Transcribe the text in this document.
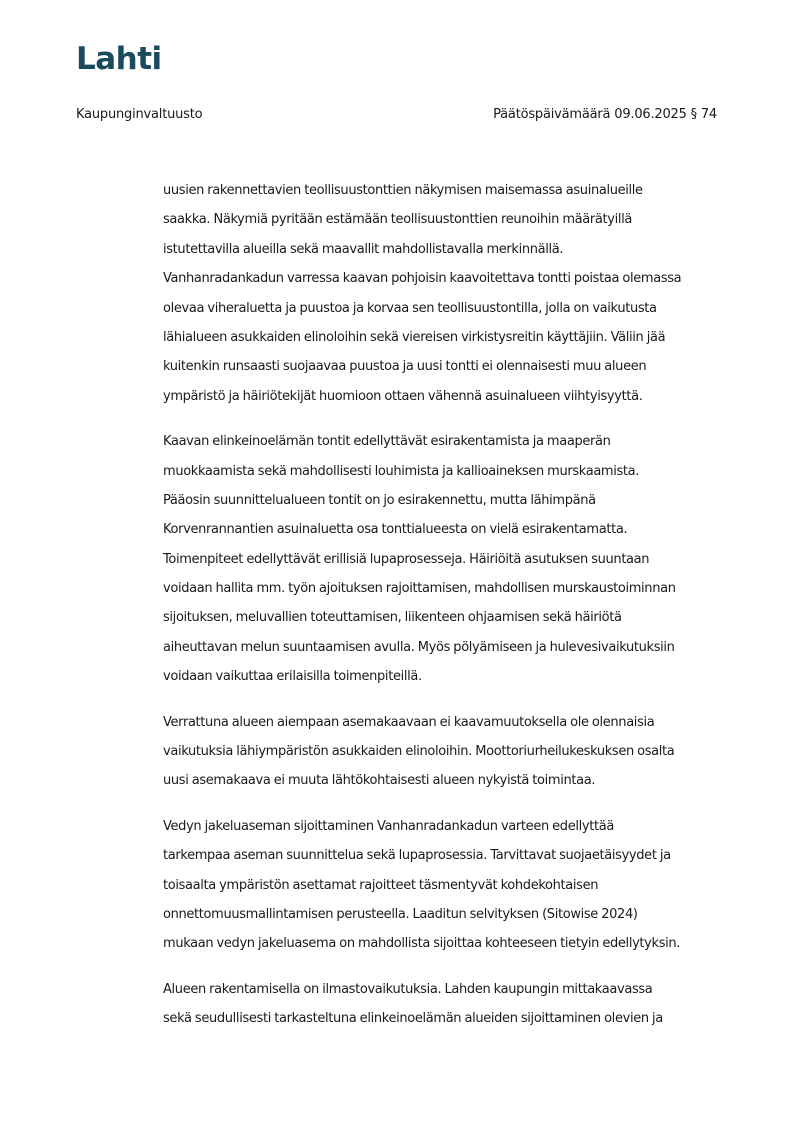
Lahti
Kaupunginvaltuusto	Päätöspäivämäärä 09.06.2025 § 74
uusien rakennettavien teollisuustonttien näkymisen maisemassa asuinalueille
saakka. Näkymiä pyritään estämään teollisuustonttien reunoihin määrätyillä
istutettavilla alueilla sekä maavallit mahdollistavalla merkinnällä.
Vanhanradankadun varressa kaavan pohjoisin kaavoitettava tontti poistaa olemassa
olevaa viheraluetta ja puustoa ja korvaa sen teollisuustontilla, jolla on vaikutusta
lähialueen asukkaiden elinoloihin sekä viereisen virkistysreitin käyttäjiin. Väliin jää
kuitenkin runsaasti suojaavaa puustoa ja uusi tontti ei olennaisesti muu alueen
ympäristö ja häiriötekijät huomioon ottaen vähennä asuinalueen viihtyisyyttä.
Kaavan elinkeinoelämän tontit edellyttävät esirakentamista ja maaperän
muokkaamista sekä mahdollisesti louhimista ja kallioaineksen murskaamista.
Pääosin suunnittelualueen tontit on jo esirakennettu, mutta lähimpänä
Korvenrannantien asuinaluetta osa tonttialueesta on vielä esirakentamatta.
Toimenpiteet edellyttävät erillisiä lupaprosesseja. Häiriöitä asutuksen suuntaan
voidaan hallita mm. työn ajoituksen rajoittamisen, mahdollisen murskaustoiminnan
sijoituksen, meluvallien toteuttamisen, liikenteen ohjaamisen sekä häiriötä
aiheuttavan melun suuntaamisen avulla. Myös pölyämiseen ja hulevesivaikutuksiin
voidaan vaikuttaa erilaisilla toimenpiteillä.
Verrattuna alueen aiempaan asemakaavaan ei kaavamuutoksella ole olennaisia
vaikutuksia lähiympäristön asukkaiden elinoloihin. Moottoriurheilukeskuksen osalta
uusi asemakaava ei muuta lähtökohtaisesti alueen nykyistä toimintaa.
Vedyn jakeluaseman sijoittaminen Vanhanradankadun varteen edellyttää
tarkempaa aseman suunnittelua sekä lupaprosessia. Tarvittavat suojaetäisyydet ja
toisaalta ympäristön asettamat rajoitteet täsmentyvät kohdekohtaisen
onnettomuusmallintamisen perusteella. Laaditun selvityksen (Sitowise 2024)
mukaan vedyn jakeluasema on mahdollista sijoittaa kohteeseen tietyin edellytyksin.
Alueen rakentamisella on ilmastovaikutuksia. Lahden kaupungin mittakaavassa
sekä seudullisesti tarkasteltuna elinkeinoelämän alueiden sijoittaminen olevien ja
